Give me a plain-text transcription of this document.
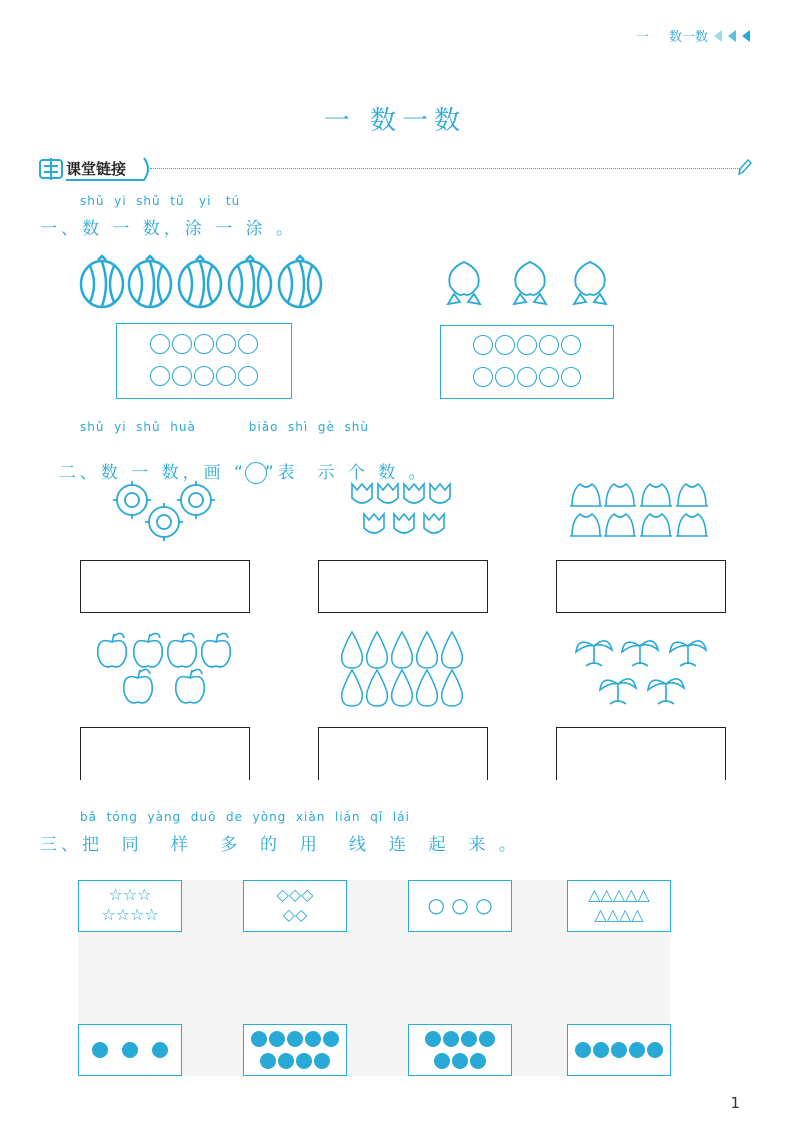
一 数一数
一 数一数
课堂链接
shǔ  yi  shǔ  tǔ   yi   tú
一、数 一 数，涂 一 涂 。
shǔ  yi  shǔ  huà           biǎo  shì  gè  shù

二、数 一 数，画 “ ”表  示 个 数 。

bǎ  tóng  yàng  duō  de  yòng  xiàn  lián  qǐ  lái
三、把  同   样   多  的  用   线  连  起  来 。
☆☆☆
☆☆☆☆
◇◇◇
◇◇	○ ○ ○	△△△△△
△△△△
1
